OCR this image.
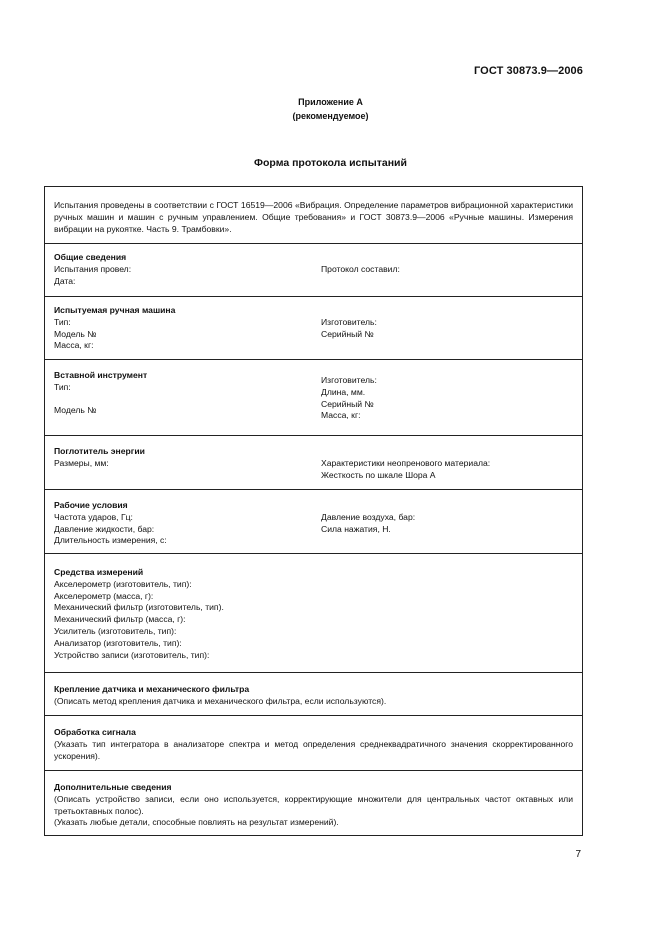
ГОСТ 30873.9—2006
Приложение А
(рекомендуемое)
Форма протокола испытаний
Испытания проведены в соответствии с ГОСТ 16519—2006 «Вибрация. Определение параметров вибрационной характеристики ручных машин и машин с ручным управлением. Общие требования» и ГОСТ 30873.9—2006 «Ручные машины. Измерения вибрации на рукоятке. Часть 9. Трамбовки».
Общие сведения
Испытания провел:
Дата:
Протокол составил:
Испытуемая ручная машина
Тип:
Модель №
Масса, кг:
Изготовитель:
Серийный №
Вставной инструмент
Тип:
Модель №
Изготовитель:
Длина, мм.
Серийный №
Масса, кг:
Поглотитель энергии
Размеры, мм:	Характеристики неопренового материала:
Жесткость по шкале Шора А
Рабочие условия
Частота ударов, Гц:
Давление жидкости, бар:
Длительность измерения, с:
Давление воздуха, бар:
Сила нажатия, Н.
Средства измерений
Акселерометр (изготовитель, тип):
Акселерометр (масса, г):
Механический фильтр (изготовитель, тип).
Механический фильтр (масса, г):
Усилитель (изготовитель, тип):
Анализатор (изготовитель, тип):
Устройство записи (изготовитель, тип):
Крепление датчика и механического фильтра
(Описать метод крепления датчика и механического фильтра, если используются).
Обработка сигнала
(Указать тип интегратора в анализаторе спектра и метод определения среднеквадратичного значения скорректированного ускорения).
Дополнительные сведения
(Описать устройство записи, если оно используется, корректирующие множители для центральных частот октавных или третьоктавных полос).
(Указать любые детали, способные повлиять на результат измерений).
7
